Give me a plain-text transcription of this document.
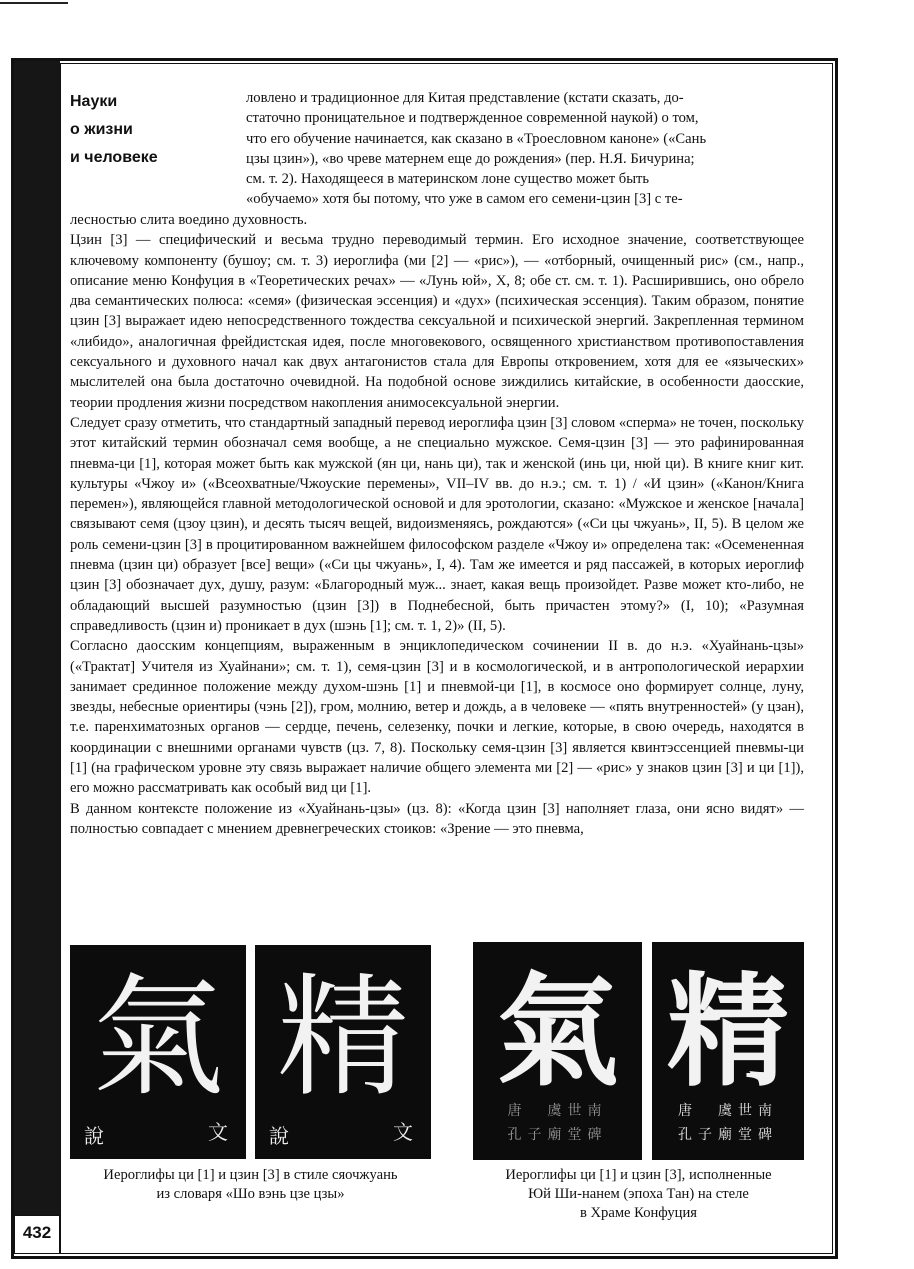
432
Науки
о жизни
и человеке

ловлено и традиционное для Китая представление (кстати сказать, до-

статочно проницательное и подтвержденное современной наукой) о том,

что его обучение начинается, как сказано в «Троесловном каноне» («Сань

цзы цзин»), «во чреве матернем еще до рождения» (пер. Н.Я. Бичурина;

см. т. 2). Находящееся в материнском лоне существо может быть

«обучаемо» хотя бы потому, что уже в самом его семени-цзин [3] с те-

лесностью слита воедино духовность.

Цзин [3] — специфический и весьма трудно переводимый термин. Его исходное значение, соответствующее ключевому компоненту (бушоу; см. т. 3) иероглифа (ми [2] — «рис»), — «отборный, очищенный рис» (см., напр., описание меню Конфуция в «Теоретических речах» — «Лунь юй», X, 8; обе ст. см. т. 1). Расширившись, оно обрело два семантических полюса: «семя» (физическая эссенция) и «дух» (психическая эссенция). Таким образом, понятие цзин [3] выражает идею непосредственного тождества сексуальной и психической энергий. Закрепленная термином «либидо», аналогичная фрейдистская идея, после многовекового, освященного христианством противопоставления сексуального и духовного начал как двух антагонистов стала для Европы откровением, хотя для ее «языческих» мыслителей она была достаточно очевидной. На подобной основе зиждились китайские, в особенности даосские, теории продления жизни посредством накопления анимосексуальной энергии.

Следует сразу отметить, что стандартный западный перевод иероглифа цзин [3] словом «сперма» не точен, поскольку этот китайский термин обозначал семя вообще, а не специально мужское. Семя-цзин [3] — это рафинированная пневма-ци [1], которая может быть как мужской (ян ци, нань ци), так и женской (инь ци, нюй ци). В книге книг кит. культуры «Чжоу и» («Всеохватные/Чжоуские перемены», VII–IV вв. до н.э.; см. т. 1) / «И цзин» («Канон/Книга перемен»), являющейся главной методологической основой и для эротологии, сказано: «Мужское и женское [начала] связывают семя (цзоу цзин), и десять тысяч вещей, видоизменяясь, рождаются» («Си цы чжуань», II, 5). В целом же роль семени-цзин [3] в процитированном важнейшем философском разделе «Чжоу и» определена так: «Осемененная пневма (цзин ци) образует [все] вещи» («Си цы чжуань», I, 4). Там же имеется и ряд пассажей, в которых иероглиф цзин [3] обозначает дух, душу, разум: «Благородный муж... знает, какая вещь произойдет. Разве может кто-либо, не обладающий высшей разумностью (цзин [3]) в Поднебесной, быть причастен этому?» (I, 10); «Разумная справедливость (цзин и) проникает в дух (шэнь [1]; см. т. 1, 2)» (II, 5).

Согласно даосским концепциям, выраженным в энциклопедическом сочинении II в. до н.э. «Хуайнань-цзы» («Трактат] Учителя из Хуайнани»; см. т. 1), семя-цзин [3] и в космологической, и в антропологической иерархии занимает срединное положение между духом-шэнь [1] и пневмой-ци [1], в космосе оно формирует солнце, луну, звезды, небесные ориентиры (чэнь [2]), гром, молнию, ветер и дождь, а в человеке — «пять внутренностей» (у цзан), т.е. паренхиматозных органов — сердце, печень, селезенку, почки и легкие, которые, в свою очередь, находятся в координации с внешними органами чувств (цз. 7, 8). Поскольку семя-цзин [3] является квинтэссенцией пневмы-ци [1] (на графическом уровне эту связь выражает наличие общего элемента ми [2] — «рис» у знаков цзин [3] и ци [1]), его можно рассматривать как особый вид ци [1].

В данном контексте положение из «Хуайнань-цзы» (цз. 8): «Когда цзин [3] наполняет глаза, они ясно видят» — полностью совпадает с мнением древнегреческих стоиков: «Зрение — это пневма,

氣
說	文
精
說	文
氣
唐　虞世南
孔子廟堂碑
精
唐　虞世南
孔子廟堂碑
Иероглифы ци [1] и цзин [3] в стиле сяочжуань
из словаря «Шо вэнь цзе цзы»
Иероглифы ци [1] и цзин [3], исполненные
Юй Ши-нанем (эпоха Тан) на стеле
в Храме Конфуция
